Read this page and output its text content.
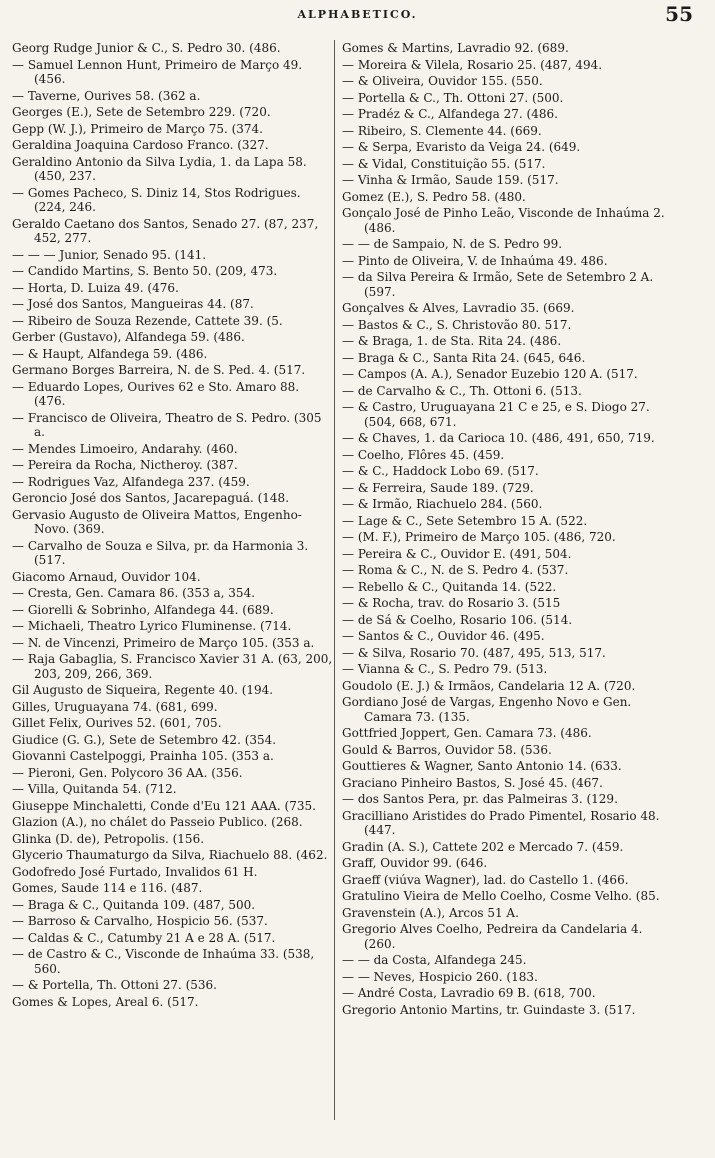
ALPHABETICO.	55
Georg Rudge Junior & C., S. Pedro 30. (486.
— Samuel Lennon Hunt, Primeiro de Março 49. (456.
— Taverne, Ourives 58. (362 a.
Georges (E.), Sete de Setembro 229. (720.
Gepp (W. J.), Primeiro de Março 75. (374.
Geraldina Joaquina Cardoso Franco. (327.
Geraldino Antonio da Silva Lydia, 1. da Lapa 58. (450, 237.
— Gomes Pacheco, S. Diniz 14, Stos Rodrigues. (224, 246.
Geraldo Caetano dos Santos, Senado 27. (87, 237, 452, 277.
— — — Junior, Senado 95. (141.
— Candido Martins, S. Bento 50. (209, 473.
— Horta, D. Luiza 49. (476.
— José dos Santos, Mangueiras 44. (87.
— Ribeiro de Souza Rezende, Cattete 39. (5.
Gerber (Gustavo), Alfandega 59. (486.
— & Haupt, Alfandega 59. (486.
Germano Borges Barreira, N. de S. Ped. 4. (517.
— Eduardo Lopes, Ourives 62 e Sto. Amaro 88. (476.
— Francisco de Oliveira, Theatro de S. Pedro. (305 a.
— Mendes Limoeiro, Andarahy. (460.
— Pereira da Rocha, Nictheroy. (387.
— Rodrigues Vaz, Alfandega 237. (459.
Geroncio José dos Santos, Jacarepaguá. (148.
Gervasio Augusto de Oliveira Mattos, Engenho-Novo. (369.
— Carvalho de Souza e Silva, pr. da Harmonia 3. (517.
Giacomo Arnaud, Ouvidor 104.
— Cresta, Gen. Camara 86. (353 a, 354.
— Giorelli & Sobrinho, Alfandega 44. (689.
— Michaeli, Theatro Lyrico Fluminense. (714.
— N. de Vincenzi, Primeiro de Março 105. (353 a.
— Raja Gabaglia, S. Francisco Xavier 31 A. (63, 200, 203, 209, 266, 369.
Gil Augusto de Siqueira, Regente 40. (194.
Gilles, Uruguayana 74. (681, 699.
Gillet Felix, Ourives 52. (601, 705.
Giudice (G. G.), Sete de Setembro 42. (354.
Giovanni Castelpoggi, Prainha 105. (353 a.
— Pieroni, Gen. Polycoro 36 AA. (356.
— Villa, Quitanda 54. (712.
Giuseppe Minchaletti, Conde d'Eu 121 AAA. (735.
Glazion (A.), no chálet do Passeio Publico. (268.
Glinka (D. de), Petropolis. (156.
Glycerio Thaumaturgo da Silva, Riachuelo 88. (462.
Godofredo José Furtado, Invalidos 61 H.
Gomes, Saude 114 e 116. (487.
— Braga & C., Quitanda 109. (487, 500.
— Barroso & Carvalho, Hospicio 56. (537.
— Caldas & C., Catumby 21 A e 28 A. (517.
— de Castro & C., Visconde de Inhaúma 33. (538, 560.
— & Portella, Th. Ottoni 27. (536.
Gomes & Lopes, Areal 6. (517.
Gomes & Martins, Lavradio 92. (689.
— Moreira & Vilela, Rosario 25. (487, 494.
— & Oliveira, Ouvidor 155. (550.
— Portella & C., Th. Ottoni 27. (500.
— Pradéz & C., Alfandega 27. (486.
— Ribeiro, S. Clemente 44. (669.
— & Serpa, Evaristo da Veiga 24. (649.
— & Vidal, Constituição 55. (517.
— Vinha & Irmão, Saude 159. (517.
Gomez (E.), S. Pedro 58. (480.
Gonçalo José de Pinho Leão, Visconde de Inhaúma 2. (486.
— — de Sampaio, N. de S. Pedro 99.
— Pinto de Oliveira, V. de Inhaúma 49. 486.
— da Silva Pereira & Irmão, Sete de Setembro 2 A. (597.
Gonçalves & Alves, Lavradio 35. (669.
— Bastos & C., S. Christovão 80. 517.
— & Braga, 1. de Sta. Rita 24. (486.
— Braga & C., Santa Rita 24. (645, 646.
— Campos (A. A.), Senador Euzebio 120 A. (517.
— de Carvalho & C., Th. Ottoni 6. (513.
— & Castro, Uruguayana 21 C e 25, e S. Diogo 27. (504, 668, 671.
— & Chaves, 1. da Carioca 10. (486, 491, 650, 719.
— Coelho, Flôres 45. (459.
— & C., Haddock Lobo 69. (517.
— & Ferreira, Saude 189. (729.
— & Irmão, Riachuelo 284. (560.
— Lage & C., Sete Setembro 15 A. (522.
— (M. F.), Primeiro de Março 105. (486, 720.
— Pereira & C., Ouvidor E. (491, 504.
— Roma & C., N. de S. Pedro 4. (537.
— Rebello & C., Quitanda 14. (522.
— & Rocha, trav. do Rosario 3. (515
— de Sá & Coelho, Rosario 106. (514.
— Santos & C., Ouvidor 46. (495.
— & Silva, Rosario 70. (487, 495, 513, 517.
— Vianna & C., S. Pedro 79. (513.
Goudolo (E. J.) & Irmãos, Candelaria 12 A. (720.
Gordiano José de Vargas, Engenho Novo e Gen. Camara 73. (135.
Gottfried Joppert, Gen. Camara 73. (486.
Gould & Barros, Ouvidor 58. (536.
Gouttieres & Wagner, Santo Antonio 14. (633.
Graciano Pinheiro Bastos, S. José 45. (467.
— dos Santos Pera, pr. das Palmeiras 3. (129.
Gracilliano Aristides do Prado Pimentel, Rosario 48. (447.
Gradin (A. S.), Cattete 202 e Mercado 7. (459.
Graff, Ouvidor 99. (646.
Graeff (viúva Wagner), lad. do Castello 1. (466.
Gratulino Vieira de Mello Coelho, Cosme Velho. (85.
Gravenstein (A.), Arcos 51 A.
Gregorio Alves Coelho, Pedreira da Candelaria 4. (260.
— — da Costa, Alfandega 245.
— — Neves, Hospicio 260. (183.
— André Costa, Lavradio 69 B. (618, 700.
Gregorio Antonio Martins, tr. Guindaste 3. (517.
